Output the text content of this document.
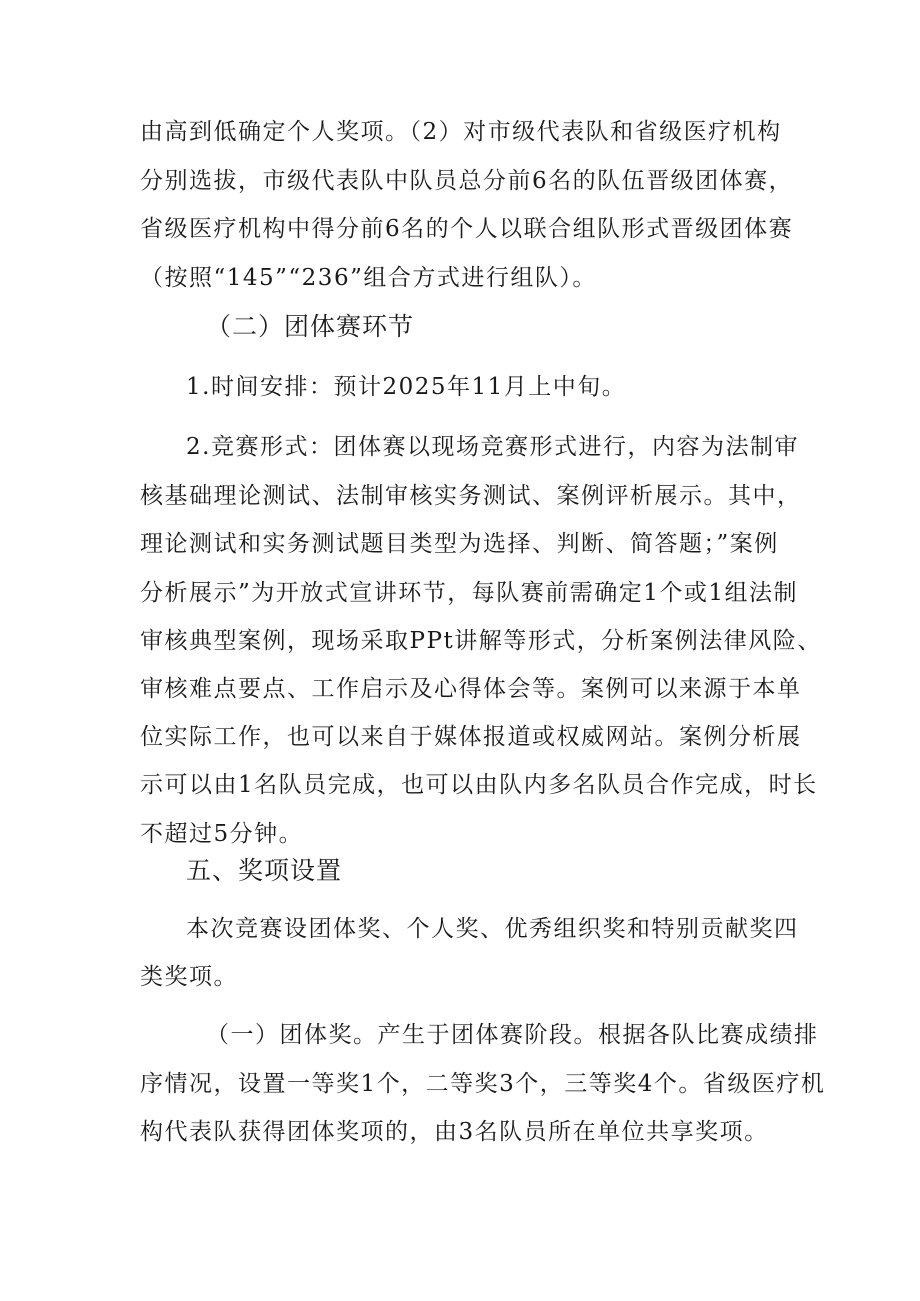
由高到低确定个人奖项。（2）对市级代表队和省级医疗机构
分别选拔，市级代表队中队员总分前6名的队伍晋级团体赛，
省级医疗机构中得分前6名的个人以联合组队形式晋级团体赛
（按照“145”“236”组合方式进行组队）。
（二）团体赛环节
1.时间安排：预计2025年11月上中旬。
2.竞赛形式：团体赛以现场竞赛形式进行，内容为法制审
核基础理论测试、法制审核实务测试、案例评析展示。其中，
理论测试和实务测试题目类型为选择、判断、简答题；”案例
分析展示”为开放式宣讲环节，每队赛前需确定1个或1组法制
审核典型案例，现场采取PPt讲解等形式，分析案例法律风险、
审核难点要点、工作启示及心得体会等。案例可以来源于本单
位实际工作，也可以来自于媒体报道或权威网站。案例分析展
示可以由1名队员完成，也可以由队内多名队员合作完成，时长
不超过5分钟。
五、奖项设置
本次竞赛设团体奖、个人奖、优秀组织奖和特别贡献奖四
类奖项。
（一）团体奖。产生于团体赛阶段。根据各队比赛成绩排
序情况，设置一等奖1个，二等奖3个，三等奖4个。省级医疗机
构代表队获得团体奖项的，由3名队员所在单位共享奖项。
